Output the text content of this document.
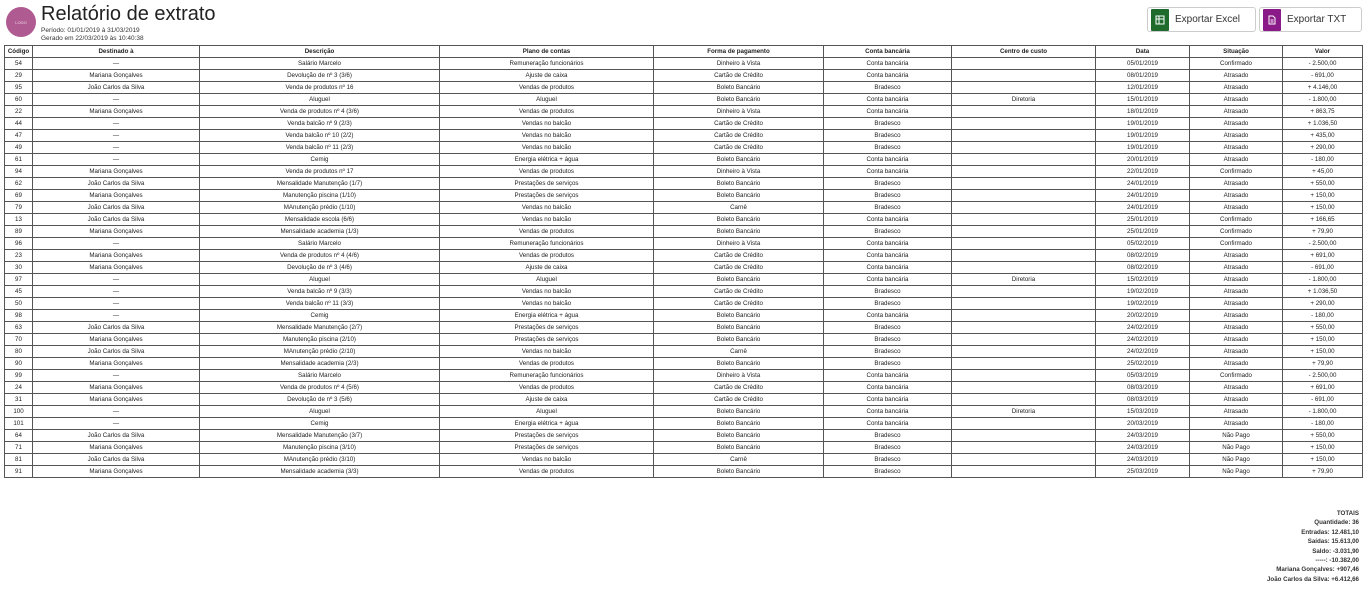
LOGO Relatório de extrato
Período: 01/01/2019 à 31/03/2019
Gerado em 22/03/2019 às 10:40:38
Exportar Excel	Exportar TXT
Código	Destinado à	Descrição	Plano de contas	Forma de pagamento	Conta bancária	Centro de custo	Data	Situação	Valor
54	—	Salário Marcelo	Remuneração funcionários	Dinheiro à Vista	Conta bancária		05/01/2019	Confirmado	- 2.500,00
29	Mariana Gonçalves	Devolução de nº 3 (3/6)	Ajuste de caixa	Cartão de Crédito	Conta bancária		08/01/2019	Atrasado	- 691,00
95	João Carlos da Silva	Venda de produtos nº 16	Vendas de produtos	Boleto Bancário	Bradesco		12/01/2019	Atrasado	+ 4.146,00
60	—	Aluguel	Aluguel	Boleto Bancário	Conta bancária	Diretoria	15/01/2019	Atrasado	- 1.800,00
22	Mariana Gonçalves	Venda de produtos nº 4 (3/6)	Vendas de produtos	Dinheiro à Vista	Conta bancária		18/01/2019	Atrasado	+ 863,75
44	—	Venda balcão nº 9 (2/3)	Vendas no balcão	Cartão de Crédito	Bradesco		19/01/2019	Atrasado	+ 1.036,50
47	—	Venda balcão nº 10 (2/2)	Vendas no balcão	Cartão de Crédito	Bradesco		19/01/2019	Atrasado	+ 435,00
49	—	Venda balcão nº 11 (2/3)	Vendas no balcão	Cartão de Crédito	Bradesco		19/01/2019	Atrasado	+ 290,00
61	—	Cemig	Energia elétrica + água	Boleto Bancário	Conta bancária		20/01/2019	Atrasado	- 180,00
94	Mariana Gonçalves	Venda de produtos nº 17	Vendas de produtos	Dinheiro à Vista	Conta bancária		22/01/2019	Confirmado	+ 45,00
62	João Carlos da Silva	Mensalidade Manutenção (1/7)	Prestações de serviços	Boleto Bancário	Bradesco		24/01/2019	Atrasado	+ 550,00
69	Mariana Gonçalves	Manutenção piscina (1/10)	Prestações de serviços	Boleto Bancário	Bradesco		24/01/2019	Atrasado	+ 150,00
79	João Carlos da Silva	MAnutenção prédio (1/10)	Vendas no balcão	Carnê	Bradesco		24/01/2019	Atrasado	+ 150,00
13	João Carlos da Silva	Mensalidade escola (6/6)	Vendas no balcão	Boleto Bancário	Conta bancária		25/01/2019	Confirmado	+ 166,65
89	Mariana Gonçalves	Mensalidade academia (1/3)	Vendas de produtos	Boleto Bancário	Bradesco		25/01/2019	Confirmado	+ 79,90
96	—	Salário Marcelo	Remuneração funcionários	Dinheiro à Vista	Conta bancária		05/02/2019	Confirmado	- 2.500,00
23	Mariana Gonçalves	Venda de produtos nº 4 (4/6)	Vendas de produtos	Cartão de Crédito	Conta bancária		08/02/2019	Atrasado	+ 691,00
30	Mariana Gonçalves	Devolução de nº 3 (4/6)	Ajuste de caixa	Cartão de Crédito	Conta bancária		08/02/2019	Atrasado	- 691,00
97	—	Aluguel	Aluguel	Boleto Bancário	Conta bancária	Diretoria	15/02/2019	Atrasado	- 1.800,00
45	—	Venda balcão nº 9 (3/3)	Vendas no balcão	Cartão de Crédito	Bradesco		19/02/2019	Atrasado	+ 1.036,50
50	—	Venda balcão nº 11 (3/3)	Vendas no balcão	Cartão de Crédito	Bradesco		19/02/2019	Atrasado	+ 290,00
98	—	Cemig	Energia elétrica + água	Boleto Bancário	Conta bancária		20/02/2019	Atrasado	- 180,00
63	João Carlos da Silva	Mensalidade Manutenção (2/7)	Prestações de serviços	Boleto Bancário	Bradesco		24/02/2019	Atrasado	+ 550,00
70	Mariana Gonçalves	Manutenção piscina (2/10)	Prestações de serviços	Boleto Bancário	Bradesco		24/02/2019	Atrasado	+ 150,00
80	João Carlos da Silva	MAnutenção prédio (2/10)	Vendas no balcão	Carnê	Bradesco		24/02/2019	Atrasado	+ 150,00
90	Mariana Gonçalves	Mensalidade academia (2/3)	Vendas de produtos	Boleto Bancário	Bradesco		25/02/2019	Atrasado	+ 79,90
99	—	Salário Marcelo	Remuneração funcionários	Dinheiro à Vista	Conta bancária		05/03/2019	Confirmado	- 2.500,00
24	Mariana Gonçalves	Venda de produtos nº 4 (5/6)	Vendas de produtos	Cartão de Crédito	Conta bancária		08/03/2019	Atrasado	+ 691,00
31	Mariana Gonçalves	Devolução de nº 3 (5/6)	Ajuste de caixa	Cartão de Crédito	Conta bancária		08/03/2019	Atrasado	- 691,00
100	—	Aluguel	Aluguel	Boleto Bancário	Conta bancária	Diretoria	15/03/2019	Atrasado	- 1.800,00
101	—	Cemig	Energia elétrica + água	Boleto Bancário	Conta bancária		20/03/2019	Atrasado	- 180,00
64	João Carlos da Silva	Mensalidade Manutenção (3/7)	Prestações de serviços	Boleto Bancário	Bradesco		24/03/2019	Não Pago	+ 550,00
71	Mariana Gonçalves	Manutenção piscina (3/10)	Prestações de serviços	Boleto Bancário	Bradesco		24/03/2019	Não Pago	+ 150,00
81	João Carlos da Silva	MAnutenção prédio (3/10)	Vendas no balcão	Carnê	Bradesco		24/03/2019	Não Pago	+ 150,00
91	Mariana Gonçalves	Mensalidade academia (3/3)	Vendas de produtos	Boleto Bancário	Bradesco		25/03/2019	Não Pago	+ 79,90
TOTAIS
Quantidade: 36
Entradas: 12.481,10
Saídas: 15.613,00
Saldo: -3.031,90
-----: -10.382,00
Mariana Gonçalves: +907,46
João Carlos da Silva: +6.412,66
